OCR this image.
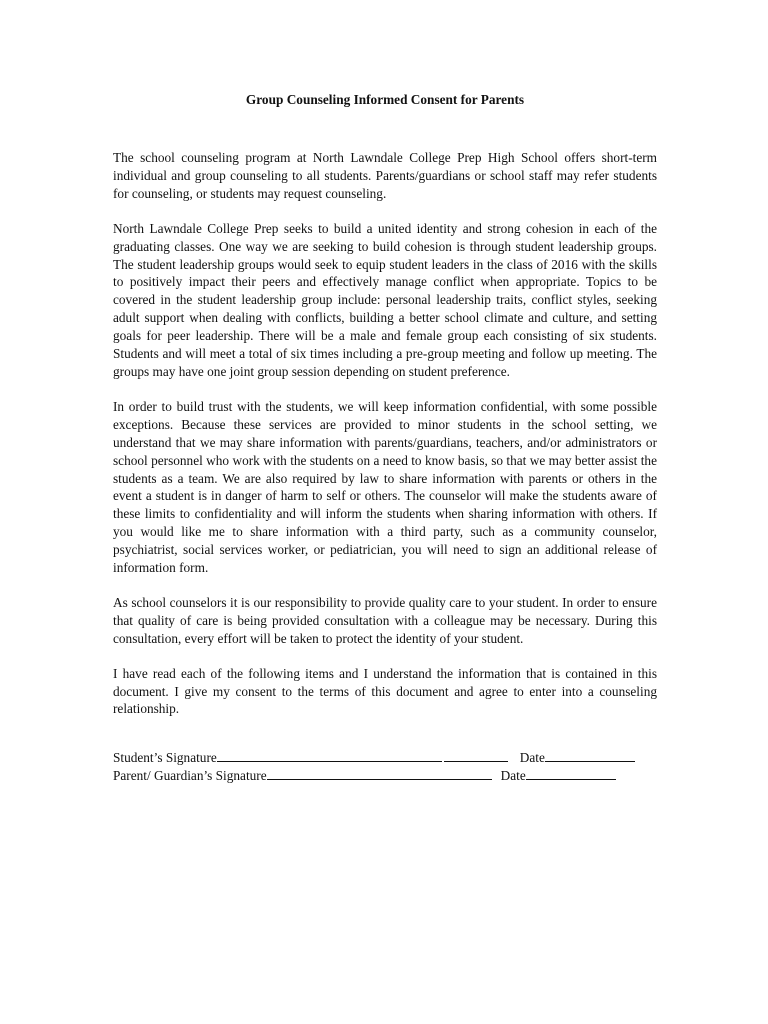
Group Counseling Informed Consent for Parents

The school counseling program at North Lawndale College Prep High School offers short-term individual and group counseling to all students. Parents/guardians or school staff may refer students for counseling, or students may request counseling.

North Lawndale College Prep seeks to build a united identity and strong cohesion in each of the graduating classes. One way we are seeking to build cohesion is through student leadership groups. The student leadership groups would seek to equip student leaders in the class of 2016 with the skills to positively impact their peers and effectively manage conflict when appropriate. Topics to be covered in the student leadership group include: personal leadership traits, conflict styles, seeking adult support when dealing with conflicts, building a better school climate and culture, and setting goals for peer leadership. There will be a male and female group each consisting of six students. Students and will meet a total of six times including a pre-group meeting and follow up meeting. The groups may have one joint group session depending on student preference.

In order to build trust with the students, we will keep information confidential, with some possible exceptions. Because these services are provided to minor students in the school setting, we understand that we may share information with parents/guardians, teachers, and/or administrators or school personnel who work with the students on a need to know basis, so that we may better assist the students as a team. We are also required by law to share information with parents or others in the event a student is in danger of harm to self or others. The counselor will make the students aware of these limits to confidentiality and will inform the students when sharing information with others. If you would like me to share information with a third party, such as a community counselor, psychiatrist, social services worker, or pediatrician, you will need to sign an additional release of information form.

As school counselors it is our responsibility to provide quality care to your student. In order to ensure that quality of care is being provided consultation with a colleague may be necessary. During this consultation, every effort will be taken to protect the identity of your student.

I have read each of the following items and I understand the information that is contained in this document. I give my consent to the terms of this document and agree to enter into a counseling relationship.

Student’s Signature	Date
Parent/ Guardian’s Signature	Date
